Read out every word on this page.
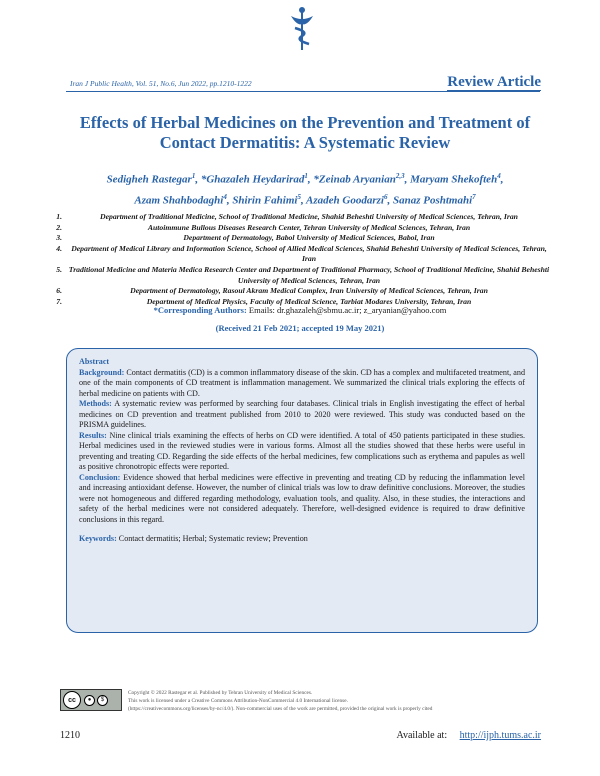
Iran J Public Health, Vol. 51, No.6, Jun 2022, pp.1210-1222	Review Article
Effects of Herbal Medicines on the Prevention and Treatment of Contact Dermatitis: A Systematic Review
Sedigheh Rastegar$^1$, *Ghazaleh Heydarirad$^1$, *Zeinab Aryanian$^{2,3}$, Maryam Shekofteh$^4$,
Azam Shahbodaghi$^4$, Shirin Fahimi$^5$, Azadeh Goodarzi$^6$, Sanaz Poshtmahi$^7$
1.	Department of Traditional Medicine, School of Traditional Medicine, Shahid Beheshti University of Medical Sciences, Tehran, Iran
2.	Autoimmune Bullous Diseases Research Center, Tehran University of Medical Sciences, Tehran, Iran
3.	Department of Dermatology, Babol University of Medical Sciences, Babol, Iran
4.	Department of Medical Library and Information Science, School of Allied Medical Sciences, Shahid Beheshti University of Medical Sciences, Tehran, Iran
5. Traditional Medicine and Materia Medica Research Center and Department of Traditional Pharmacy, School of Traditional Medicine, Shahid Beheshti University of Medical Sciences, Tehran, Iran
6.	Department of Dermatology, Rasoul Akram Medical Complex, Iran University of Medical Sciences, Tehran, Iran
7.	Department of Medical Physics, Faculty of Medical Science, Tarbiat Modares University, Tehran, Iran
*Corresponding Authors: Emails: dr.ghazaleh@sbmu.ac.ir; z_aryanian@yahoo.com
(Received 21 Feb 2021; accepted 19 May 2021)

Abstract

Background: Contact dermatitis (CD) is a common inflammatory disease of the skin. CD has a complex and multifaceted treatment, and one of the main components of CD treatment is inflammation management. We summarized the clinical trials exploring the effects of herbal medicine on patients with CD.

Methods: A systematic review was performed by searching four databases. Clinical trials in English investigating the effect of herbal medicines on CD prevention and treatment published from 2010 to 2020 were reviewed. This study was conducted based on the PRISMA guidelines.

Results: Nine clinical trials examining the effects of herbs on CD were identified. A total of 450 patients participated in these studies. Herbal medicines used in the reviewed studies were in various forms. Almost all the studies showed that these herbs were useful in preventing and treating CD. Regarding the side effects of the herbal medicines, few complications such as erythema and papules as well as positive chronotropic effects were reported.

Conclusion: Evidence showed that herbal medicines were effective in preventing and treating CD by reducing the inflammation level and increasing antioxidant defense. However, the number of clinical trials was low to draw definitive conclusions. Moreover, the studies were not homogeneous and differed regarding methodology, evaluation tools, and quality. Also, in these studies, the interactions and safety of the herbal medicines were not considered adequately. Therefore, well-designed evidence is required to draw definitive conclusions in this regard.

Keywords: Contact dermatitis; Herbal; Systematic review; Prevention

cc	●	$
Copyright © 2022 Rastegar et al. Published by Tehran University of Medical Sciences.
This work is licensed under a Creative Commons Attribution-NonCommercial 4.0 International license.
(https://creativecommons.org/licenses/by-nc/4.0/). Non-commercial uses of the work are permitted, provided the original work is properly cited
1210	Available at: http://ijph.tums.ac.ir
